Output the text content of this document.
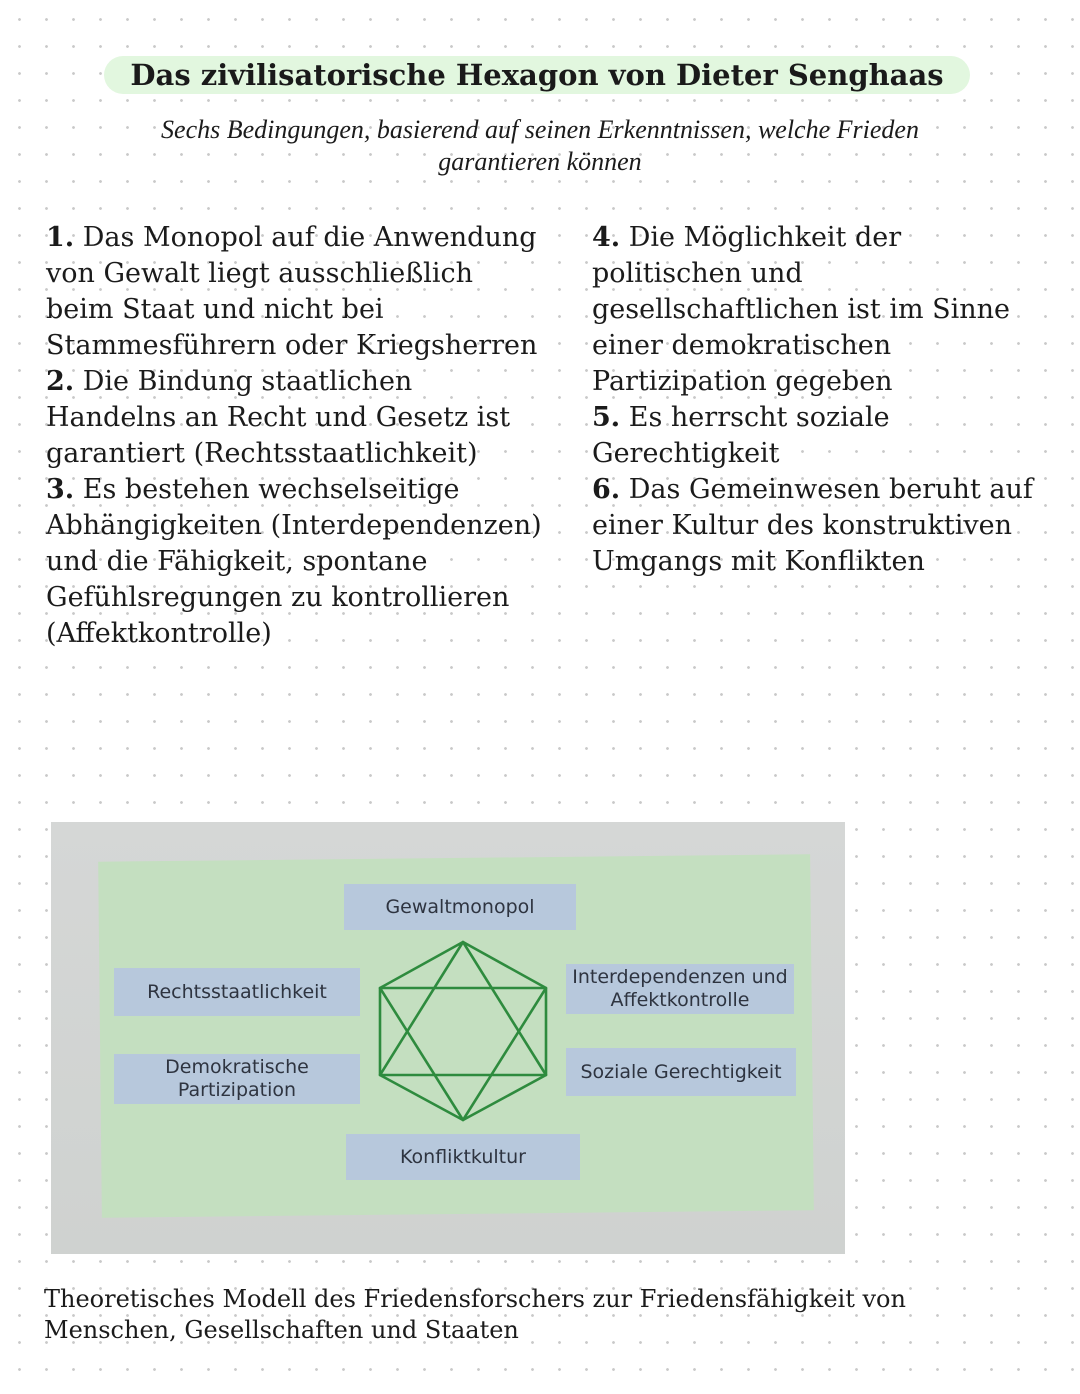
Das zivilisatorische Hexagon von Dieter Senghaas
Sechs Bedingungen, basierend auf seinen Erkenntnissen, welche Frieden
garantieren können

1. Das Monopol auf die Anwendung von Gewalt liegt ausschließlich beim Staat und nicht bei Stammesführern oder Kriegsherren

2. Die Bindung staatlichen Handelns an Recht und Gesetz ist garantiert (Rechtsstaatlichkeit)

3. Es bestehen wechselseitige Abhängigkeiten (Interdependenzen) und die Fähigkeit, spontane Gefühlsregungen zu kontrollieren (Affektkontrolle)

4. Die Möglichkeit der politischen und gesellschaftlichen ist im Sinne einer demokratischen Partizipation gegeben

5. Es herrscht soziale Gerechtigkeit

6. Das Gemeinwesen beruht auf einer Kultur des konstruktiven Umgangs mit Konflikten

Gewaltmonopol
Rechtsstaatlichkeit
Demokratische
Partizipation
Interdependenzen und
Affektkontrolle
Soziale Gerechtigkeit
Konfliktkultur
Theoretisches Modell des Friedensforschers zur Friedensfähigkeit von
Menschen, Gesellschaften und Staaten
